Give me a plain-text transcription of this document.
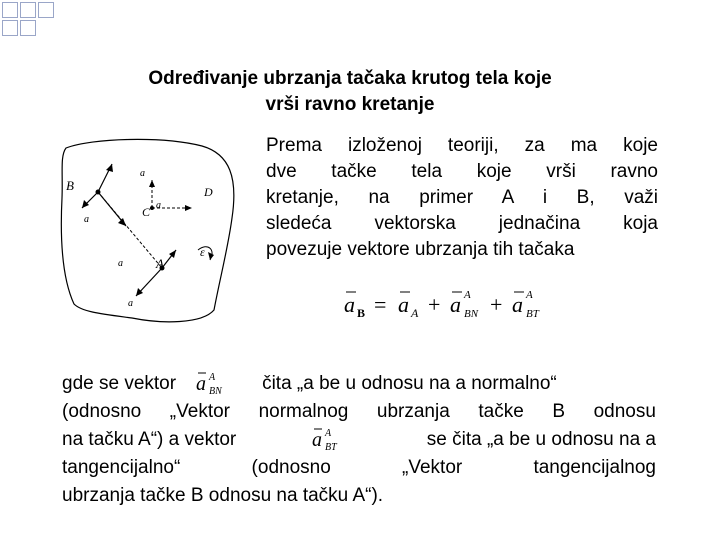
Određivanje ubrzanja tačaka krutog tela koje
vrši ravno kretanje
B
A
C
D
ε
a
a
a
a
a
Prema izloženoj teoriji, za ma koje
dve tačke tela koje vrši ravno
kretanje, na primer A i B, važi
sledeća vektorska jednačina koja
povezuje vektore ubrzanja tih tačaka
a B = a A + a A
BN + a A
BT
gde se vektor a A
BN čita „a be u odnosu na a normalno“
(odnosno „Vektor normalnog ubrzanja tačke B odnosu
na tačku A“) a vektor	a A
BT	se čita „a be u odnosu na a
tangencijalno“	(odnosno	„Vektor	tangencijalnog
ubrzanja tačke B odnosu na tačku A“).
